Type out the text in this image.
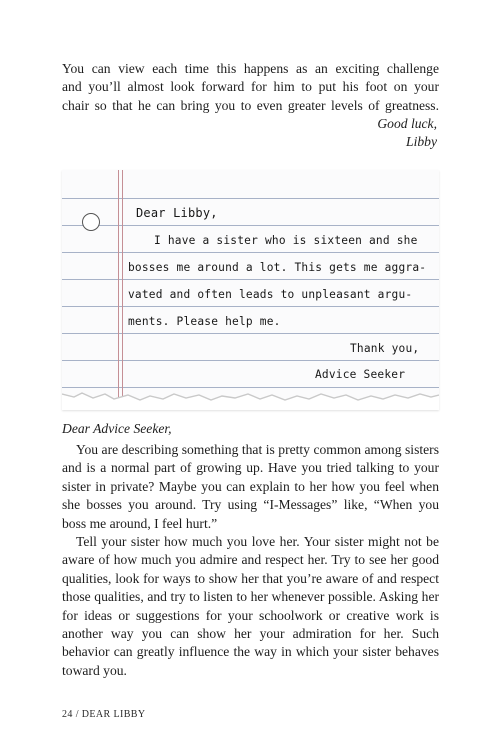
You can view each time this happens as an exciting challenge
and you’ll almost look forward for him to put his foot on your
chair so that he can bring you to even greater levels of greatness.

Good luck,

Libby

Dear Libby,

I have a sister who is sixteen and she

bosses me around a lot. This gets me aggra-

vated and often leads to unpleasant argu-

ments. Please help me.

Thank you,

Advice Seeker

Dear Advice Seeker,

You are describing something that is pretty common among sisters and is a normal part of growing up. Have you tried talking to your sister in private? Maybe you can explain to her how you feel when she bosses you around. Try using “I-Messages” like, “When you boss me around, I feel hurt.”

Tell your sister how much you love her. Your sister might not be aware of how much you admire and respect her. Try to see her good qualities, look for ways to show her that you’re aware of and respect those qualities, and try to listen to her whenever possible. Asking her for ideas or suggestions for your schoolwork or creative work is another way you can show her your admiration for her. Such behavior can greatly influence the way in which your sister behaves toward you.

24 / DEAR LIBBY
